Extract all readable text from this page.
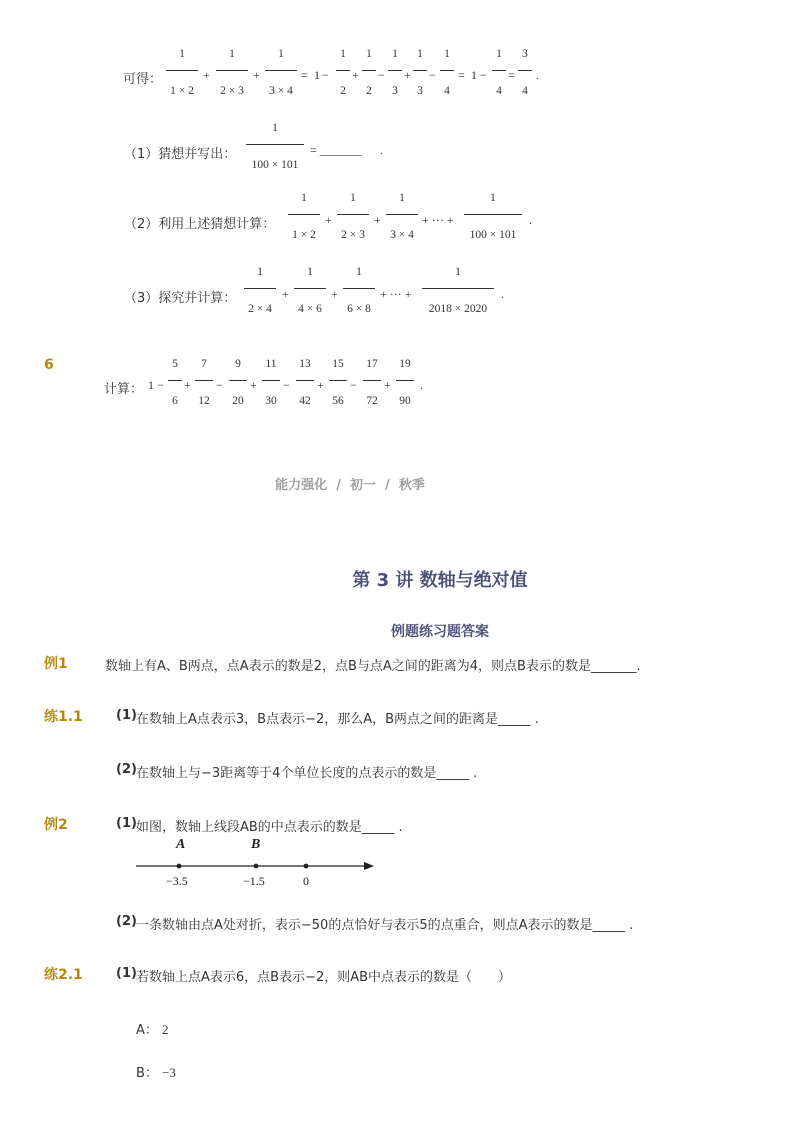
可得：
1
1 × 2
+
1
2 × 3
+
1
3 × 4
= 1 −
1
2
+
1
2
−
1
3
+
1
3
−
1
4
= 1 −
1
4
=
3
4
.
（1）猜想并写出：
1
100 × 101
= _______ .
（2）利用上述猜想计算：
1
1 × 2
+
1
2 × 3
+
1
3 × 4
+ ··· +
1
100 × 101
.
（3）探究并计算：
1
2 × 4
+
1
4 × 6
+
1
6 × 8
+ ··· +
1
2018 × 2020
.
6
计算： 1 −
5
6
+
7
12
−
9
20
+
11
30
−
13
42
+
15
56
−
17
72
+
19
90
.
能力强化  /  初一  /  秋季
第 3 讲 数轴与绝对值
例题练习题答案
例1	数轴上有A、B两点，点A表示的数是2，点B与点A之间的距离为4，则点B表示的数是_______.
练1.1	(1) 在数轴上A点表示3，B点表示−2，那么A，B两点之间的距离是_____ .
(2) 在数轴上与−3距离等于4个单位长度的点表示的数是_____ .
例2	(1) 如图，数轴上线段AB的中点表示的数是_____ .
A	B
−3.5	−1.5	0
(2) 一条数轴由点A处对折，表示−50的点恰好与表示5的点重合，则点A表示的数是_____ .
练2.1	(1) 若数轴上点A表示6，点B表示−2，则AB中点表示的数是（　　）
A： 2
B： −3
